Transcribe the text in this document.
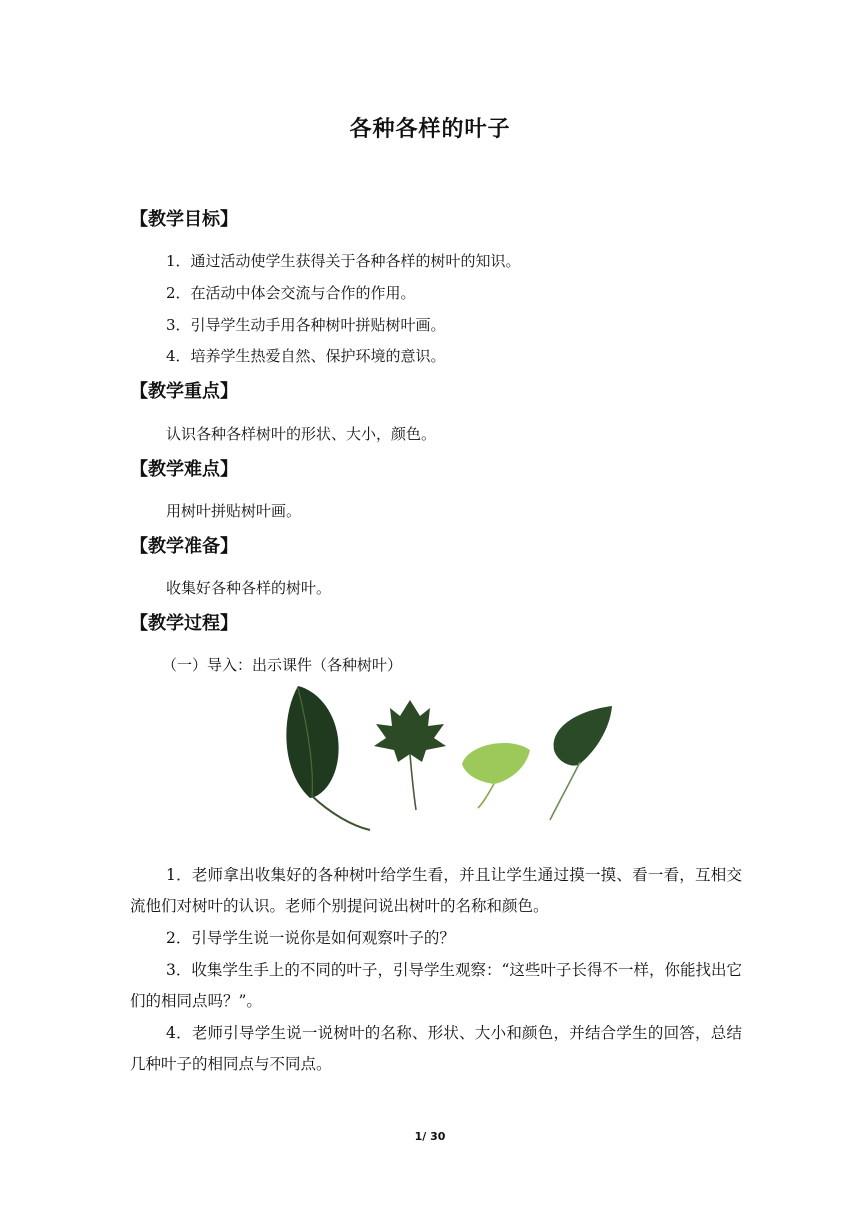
各种各样的叶子
【教学目标】
1．通过活动使学生获得关于各种各样的树叶的知识。
2．在活动中体会交流与合作的作用。
3．引导学生动手用各种树叶拼贴树叶画。
4．培养学生热爱自然、保护环境的意识。
【教学重点】
认识各种各样树叶的形状、大小，颜色。
【教学难点】
用树叶拼贴树叶画。
【教学准备】
收集好各种各样的树叶。
【教学过程】
（一）导入：出示课件（各种树叶）
1．老师拿出收集好的各种树叶给学生看，并且让学生通过摸一摸、看一看，互相交流他们对树叶的认识。老师个别提问说出树叶的名称和颜色。
2．引导学生说一说你是如何观察叶子的？
3．收集学生手上的不同的叶子，引导学生观察：“这些叶子长得不一样，你能找出它们的相同点吗？”。
4．老师引导学生说一说树叶的名称、形状、大小和颜色，并结合学生的回答，总结几种叶子的相同点与不同点。
1/ 30
